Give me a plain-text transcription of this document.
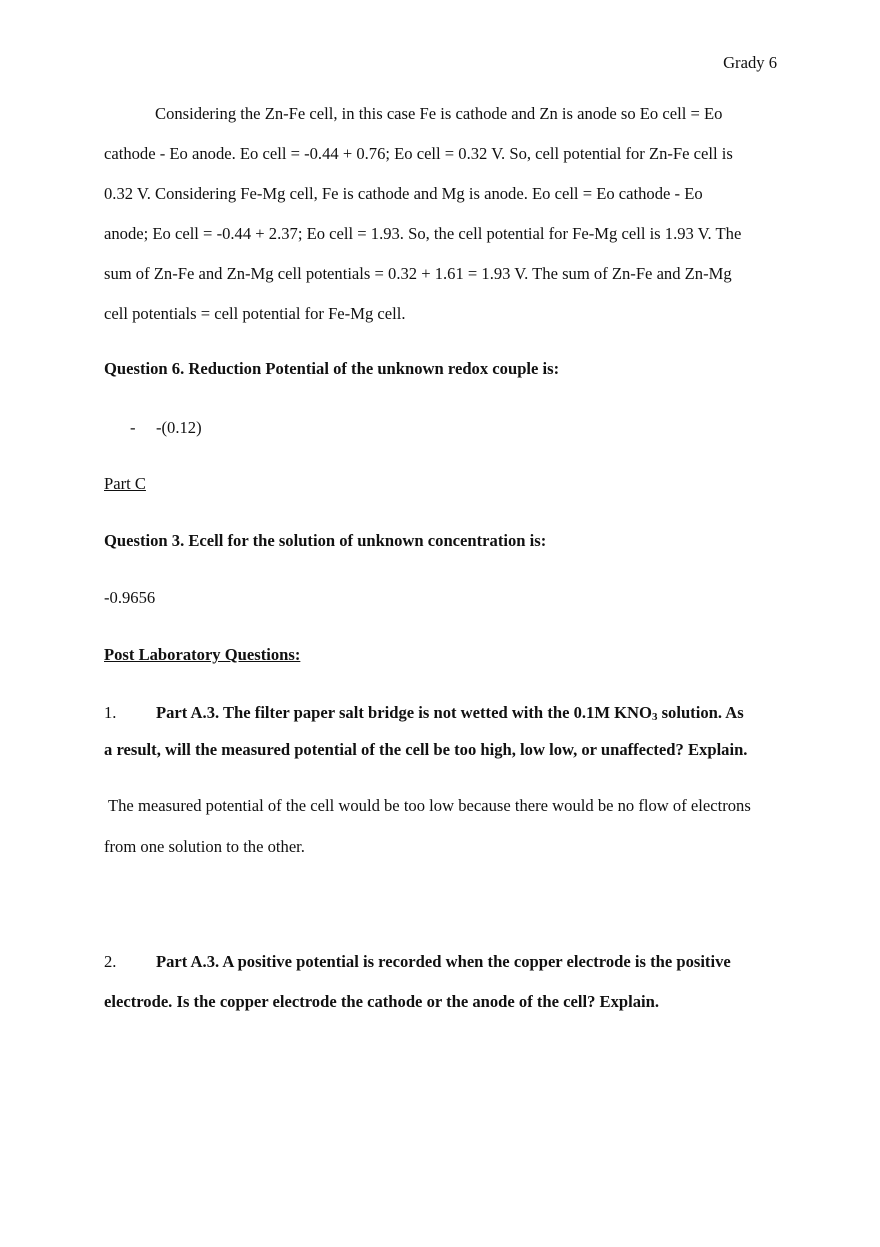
Grady 6
Considering the Zn-Fe cell, in this case Fe is cathode and Zn is anode so Eo cell = Eo
cathode - Eo anode. Eo cell = -0.44 + 0.76; Eo cell = 0.32 V. So, cell potential for Zn-Fe cell is
0.32 V. Considering Fe-Mg cell, Fe is cathode and Mg is anode. Eo cell = Eo cathode - Eo
anode; Eo cell = -0.44 + 2.37; Eo cell = 1.93. So, the cell potential for Fe-Mg cell is 1.93 V. The
sum of Zn-Fe and Zn-Mg cell potentials = 0.32 + 1.61 = 1.93 V. The sum of Zn-Fe and Zn-Mg
cell potentials = cell potential for Fe-Mg cell.
Question 6. Reduction Potential of the unknown redox couple is:
- -(0.12)
Part C
Question 3. Ecell for the solution of unknown concentration is:
-0.9656
Post Laboratory Questions:
1. Part A.3. The filter paper salt bridge is not wetted with the 0.1M $KNO_3$ solution. As
a result, will the measured potential of the cell be too high, low low, or unaffected? Explain.
The measured potential of the cell would be too low because there would be no flow of electrons
from one solution to the other.
2. Part A.3. A positive potential is recorded when the copper electrode is the positive
electrode. Is the copper electrode the cathode or the anode of the cell? Explain.
